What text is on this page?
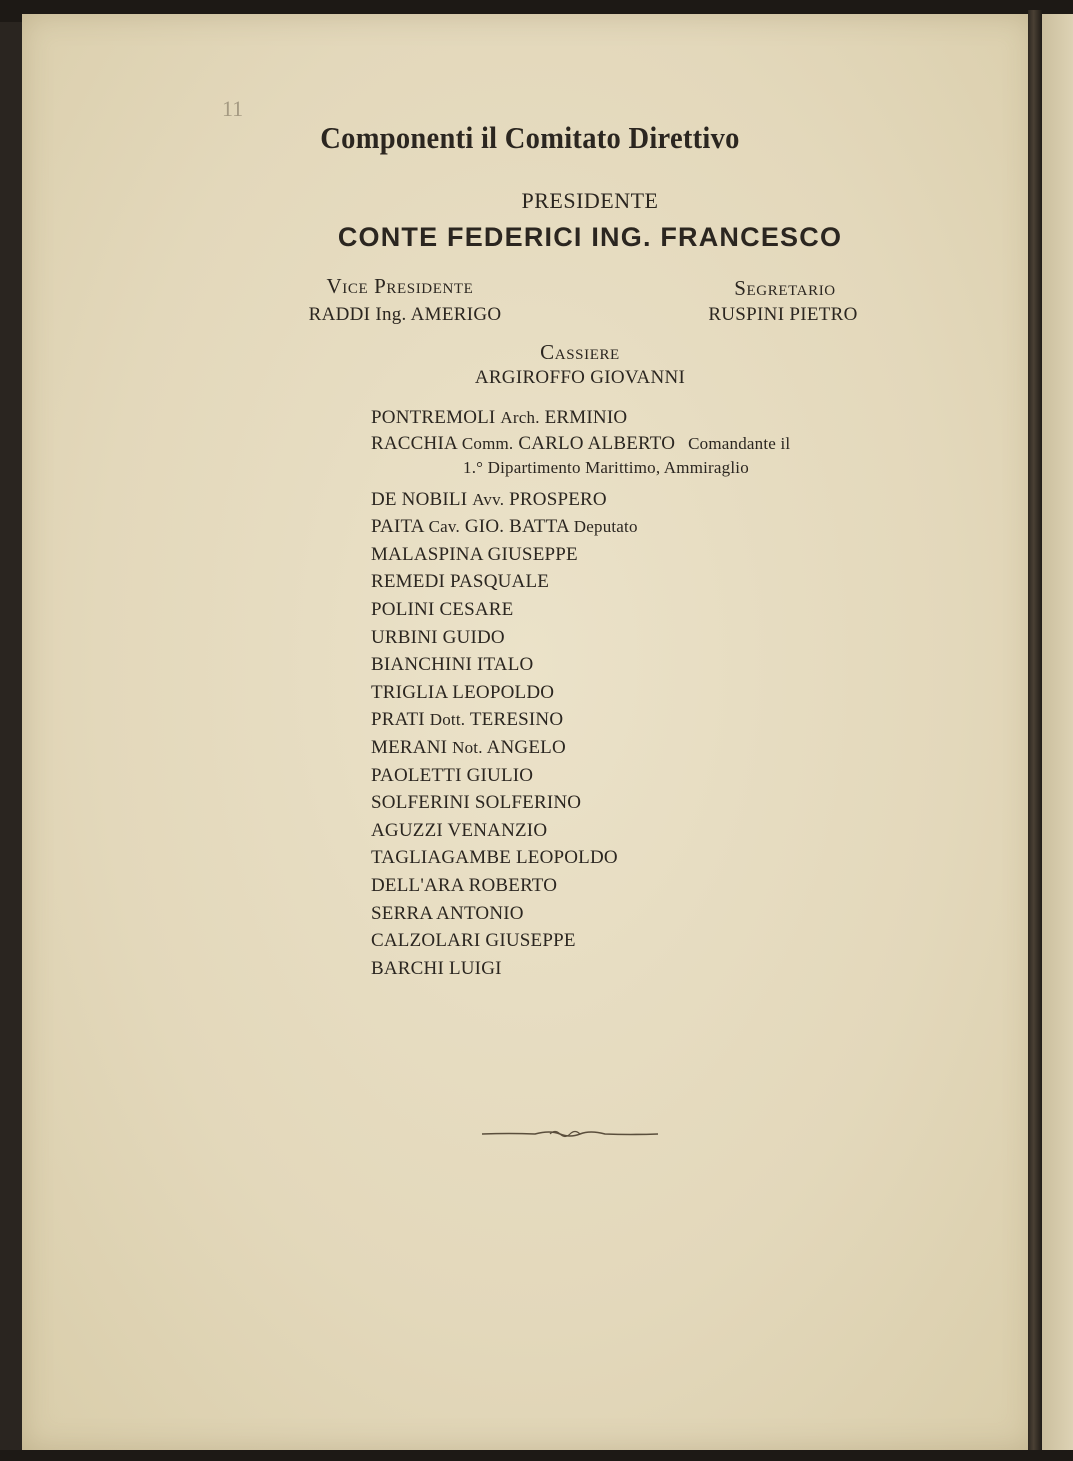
11
Componenti il Comitato Direttivo
PRESIDENTE
CONTE FEDERICI ING. FRANCESCO
Vice Presidente
RADDI Ing. AMERIGO
Segretario
RUSPINI PIETRO
Cassiere
ARGIROFFO GIOVANNI
PONTREMOLI Arch. ERMINIO
RACCHIA Comm. CARLO ALBERTO Comandante il
1.° Dipartimento Marittimo, Ammiraglio
DE NOBILI Avv. PROSPERO
PAITA Cav. GIO. BATTA Deputato
MALASPINA GIUSEPPE
REMEDI PASQUALE
POLINI CESARE
URBINI GUIDO
BIANCHINI ITALO
TRIGLIA LEOPOLDO
PRATI Dott. TERESINO
MERANI Not. ANGELO
PAOLETTI GIULIO
SOLFERINI SOLFERINO
AGUZZI VENANZIO
TAGLIAGAMBE LEOPOLDO
DELL'ARA ROBERTO
SERRA ANTONIO
CALZOLARI GIUSEPPE
BARCHI LUIGI
